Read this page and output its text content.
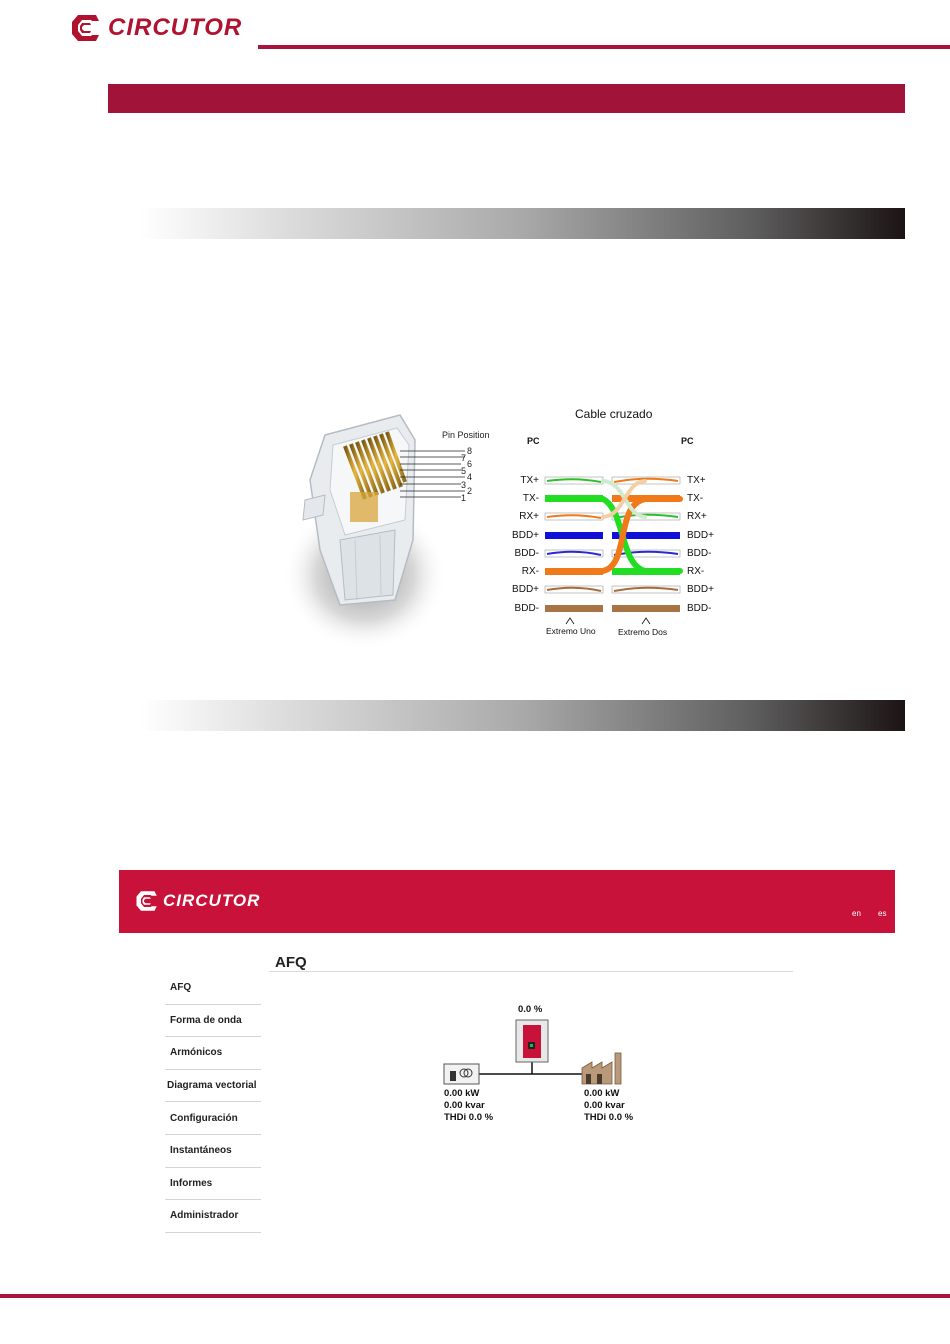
CIRCUTOR
Pin Position
8
7
6
5
4
3
2
1
Cable cruzado
PC	PC
TX+
TX-
RX+
BDD+
BDD-
RX-
BDD+
BDD-
TX+
TX-
RX+
BDD+
BDD-
RX-
BDD+
BDD-
Extremo Uno	Extremo Dos
CIRCUTOR
en es
AFQ
AFQ
Forma de onda
Armónicos
Diagrama vectorial
Configuración
Instantáneos
Informes
Administrador
0.0 %
0.00 kW
0.00 kvar
THDi 0.0 %
0.00 kW
0.00 kvar
THDi 0.0 %
